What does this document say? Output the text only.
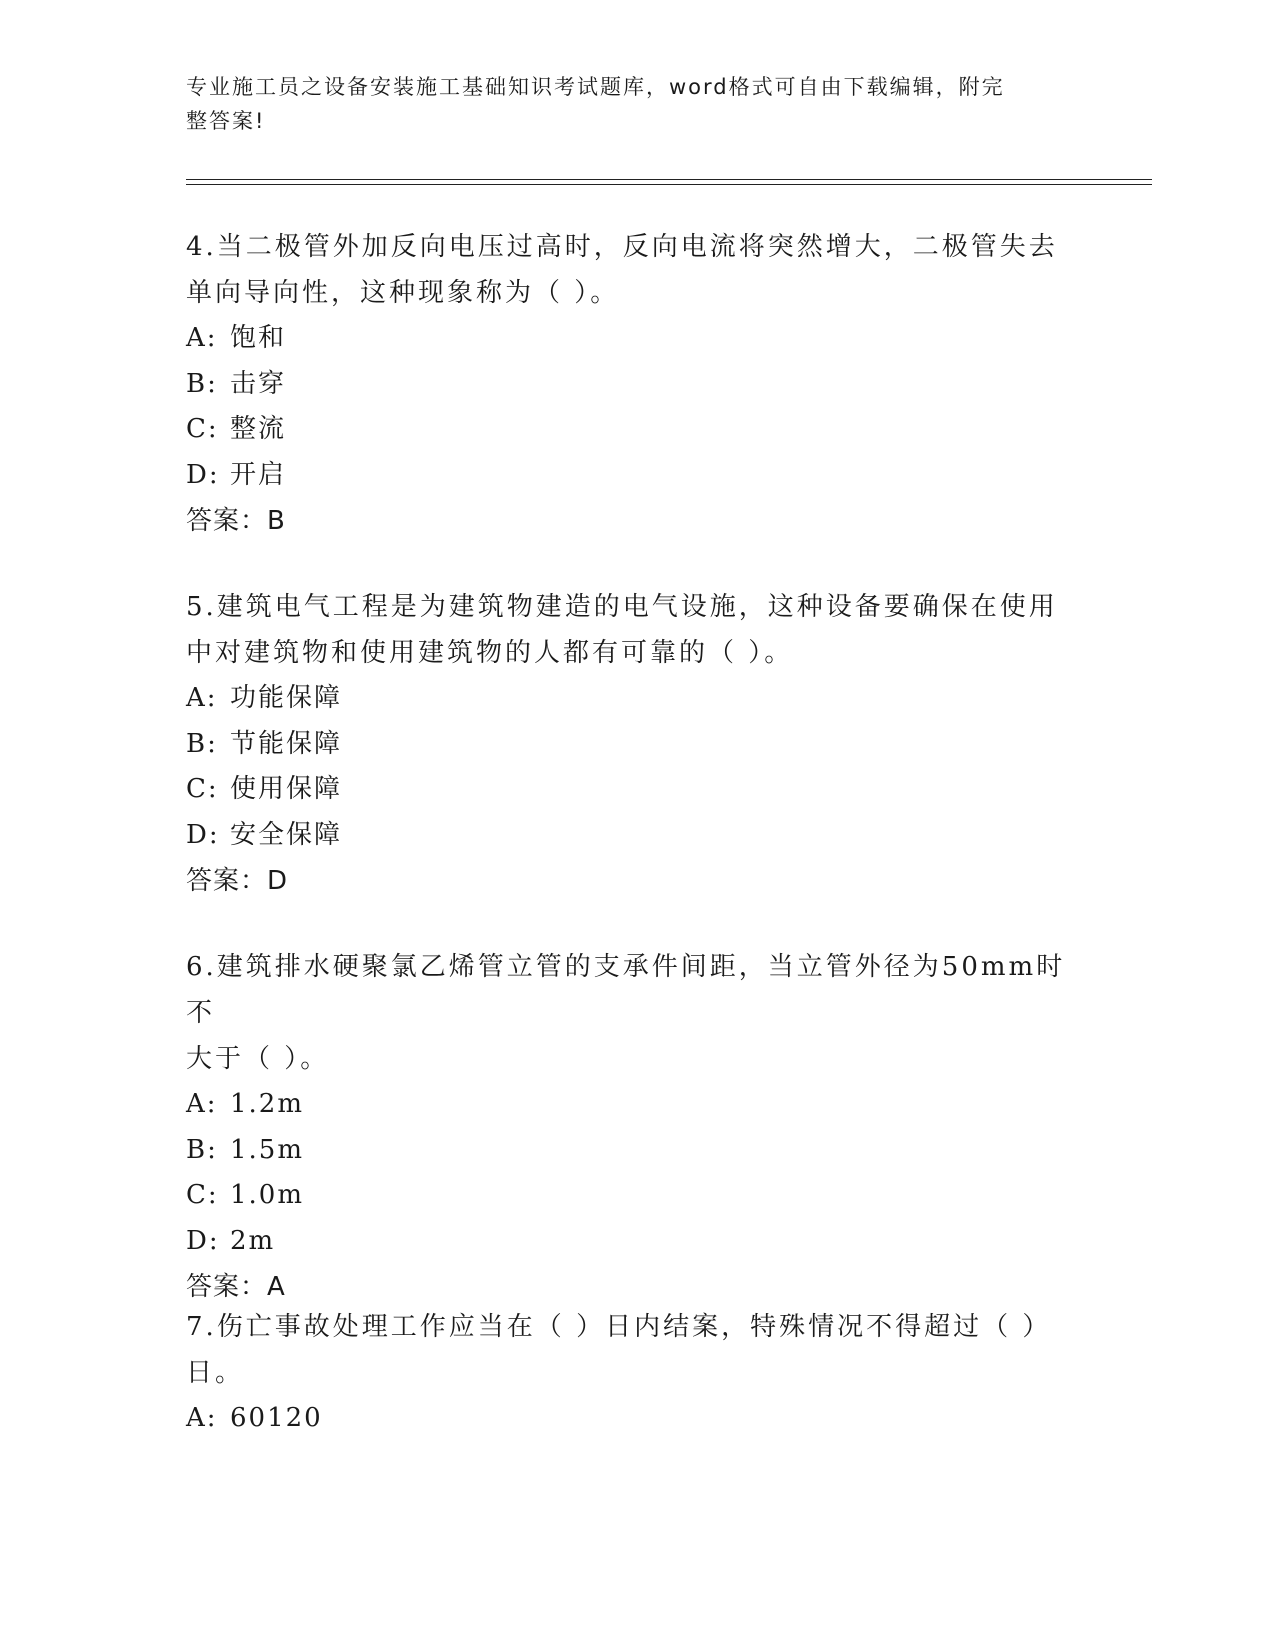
专业施工员之设备安装施工基础知识考试题库，word格式可自由下载编辑，附完
整答案!

4.当二极管外加反向电压过高时，反向电流将突然增大，二极管失去
单向导向性，这种现象称为（ ）。

A: 饱和

B: 击穿

C: 整流

D: 开启

答案：B

5.建筑电气工程是为建筑物建造的电气设施，这种设备要确保在使用
中对建筑物和使用建筑物的人都有可靠的（ ）。

A: 功能保障

B: 节能保障

C: 使用保障

D: 安全保障

答案：D

6.建筑排水硬聚氯乙烯管立管的支承件间距，当立管外径为50mm时不
大于（ ）。

A: 1.2m

B: 1.5m

C: 1.0m

D: 2m

答案：A

7.伤亡事故处理工作应当在（ ）日内结案，特殊情况不得超过（ ）
日。

A: 60120
